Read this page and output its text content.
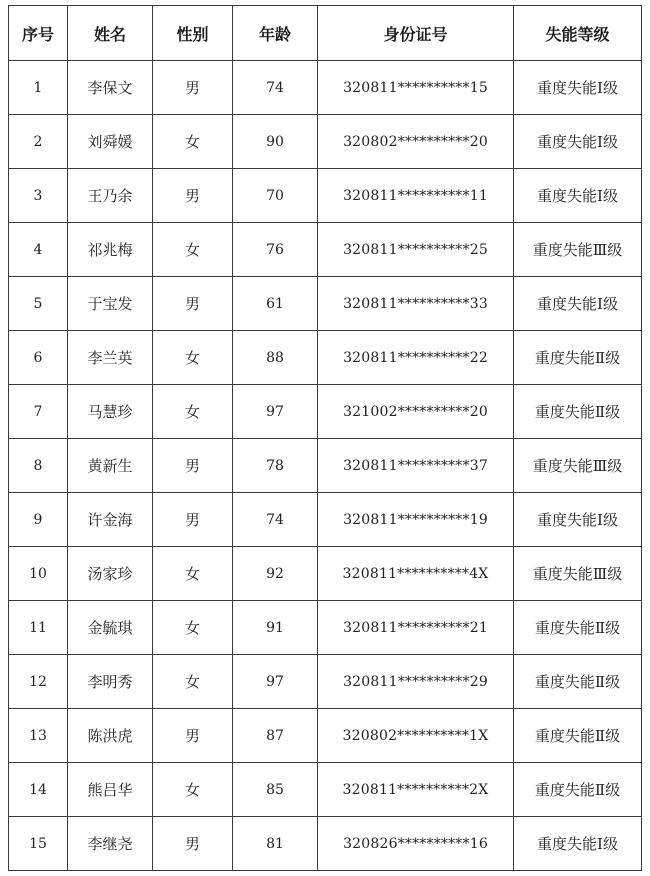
序号	姓名	性别	年龄	身份证号	失能等级
1	李保文	男	74	320811**********15	重度失能Ⅰ级
2	刘舜媛	女	90	320802**********20	重度失能Ⅰ级
3	王乃余	男	70	320811**********11	重度失能Ⅰ级
4	祁兆梅	女	76	320811**********25	重度失能Ⅲ级
5	于宝发	男	61	320811**********33	重度失能Ⅰ级
6	李兰英	女	88	320811**********22	重度失能Ⅱ级
7	马慧珍	女	97	321002**********20	重度失能Ⅱ级
8	黄新生	男	78	320811**********37	重度失能Ⅲ级
9	许金海	男	74	320811**********19	重度失能Ⅰ级
10	汤家珍	女	92	320811**********4X	重度失能Ⅲ级
11	金毓琪	女	91	320811**********21	重度失能Ⅱ级
12	李明秀	女	97	320811**********29	重度失能Ⅱ级
13	陈洪虎	男	87	320802**********1X	重度失能Ⅱ级
14	熊吕华	女	85	320811**********2X	重度失能Ⅱ级
15	李继尧	男	81	320826**********16	重度失能Ⅰ级
